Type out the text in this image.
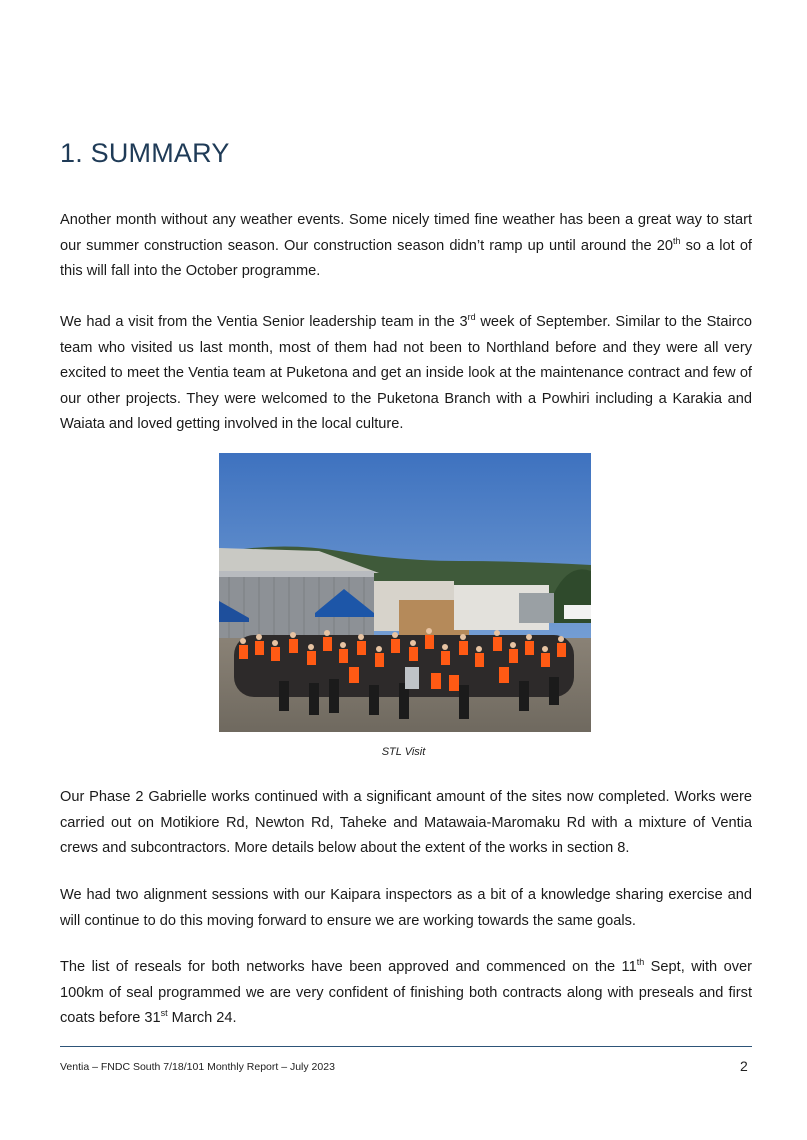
1. SUMMARY

Another month without any weather events. Some nicely timed fine weather has been a great way to start our summer construction season. Our construction season didn’t ramp up until around the 20th so a lot of this will fall into the October programme.

We had a visit from the Ventia Senior leadership team in the 3rd week of September. Similar to the Stairco team who visited us last month, most of them had not been to Northland before and they were all very excited to meet the Ventia team at Puketona and get an inside look at the maintenance contract and few of our other projects. They were welcomed to the Puketona Branch with a Powhiri including a Karakia and Waiata and loved getting involved in the local culture.

STL Visit

Our Phase 2 Gabrielle works continued with a significant amount of the sites now completed. Works were carried out on Motikiore Rd, Newton Rd, Taheke and Matawaia-Maromaku Rd with a mixture of Ventia crews and subcontractors. More details below about the extent of the works in section 8.

We had two alignment sessions with our Kaipara inspectors as a bit of a knowledge sharing exercise and will continue to do this moving forward to ensure we are working towards the same goals.

The list of reseals for both networks have been approved and commenced on the 11th Sept, with over 100km of seal programmed we are very confident of finishing both contracts along with preseals and first coats before 31st March 24.

Ventia – FNDC South 7/18/101 Monthly Report – July 2023	2
